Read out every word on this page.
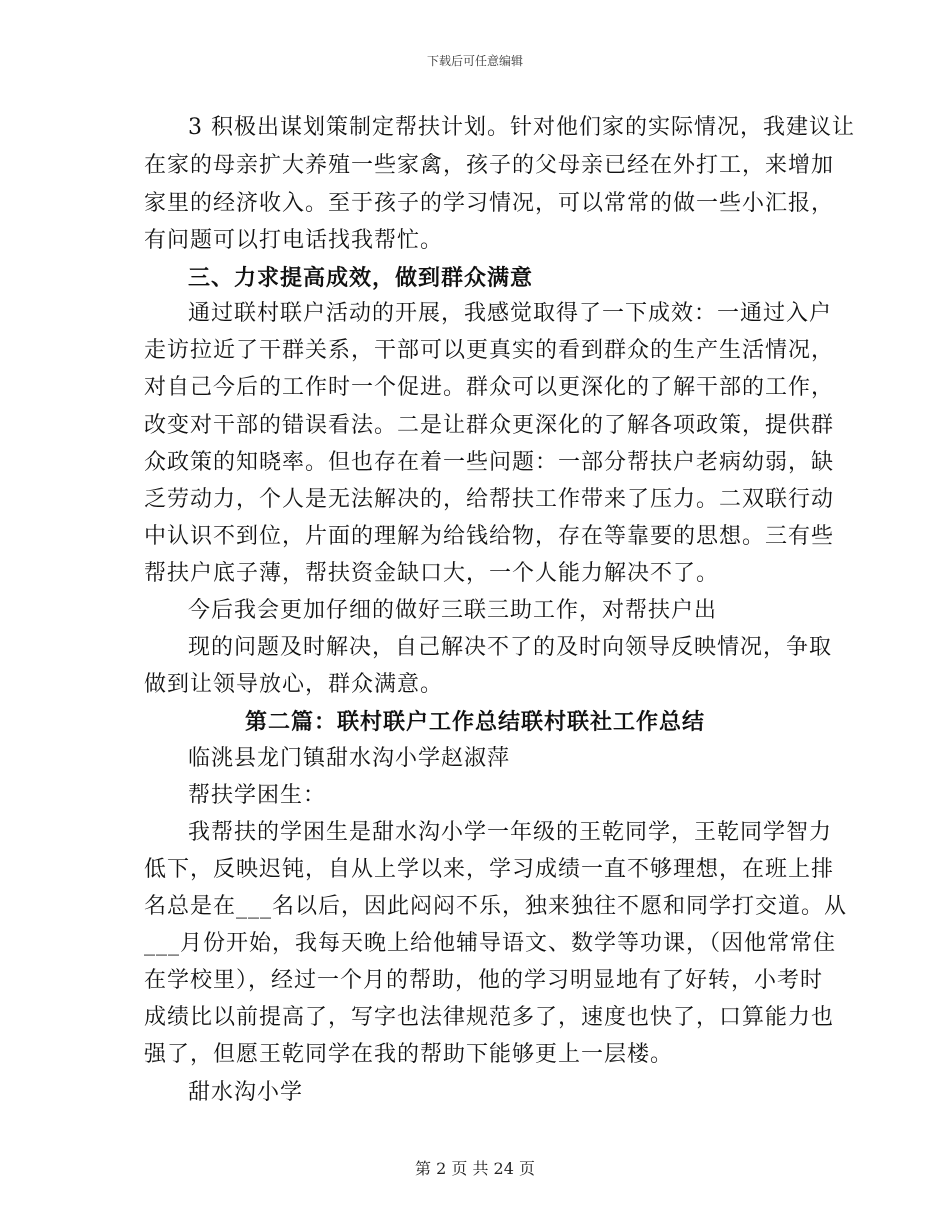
下载后可任意编辑
3 积极出谋划策制定帮扶计划。针对他们家的实际情况，我建议让
在家的母亲扩大养殖一些家禽，孩子的父母亲已经在外打工，来增加
家里的经济收入。至于孩子的学习情况，可以常常的做一些小汇报，
有问题可以打电话找我帮忙。
三、力求提高成效，做到群众满意
通过联村联户活动的开展，我感觉取得了一下成效：一通过入户
走访拉近了干群关系，干部可以更真实的看到群众的生产生活情况，
对自己今后的工作时一个促进。群众可以更深化的了解干部的工作，
改变对干部的错误看法。二是让群众更深化的了解各项政策，提供群
众政策的知晓率。但也存在着一些问题：一部分帮扶户老病幼弱，缺
乏劳动力，个人是无法解决的，给帮扶工作带来了压力。二双联行动
中认识不到位，片面的理解为给钱给物，存在等靠要的思想。三有些
帮扶户底子薄，帮扶资金缺口大，一个人能力解决不了。
今后我会更加仔细的做好三联三助工作，对帮扶户出
现的问题及时解决，自己解决不了的及时向领导反映情况，争取
做到让领导放心，群众满意。
第二篇：联村联户工作总结联村联社工作总结
临洮县龙门镇甜水沟小学赵淑萍
帮扶学困生：
我帮扶的学困生是甜水沟小学一年级的王乾同学，王乾同学智力
低下，反映迟钝，自从上学以来，学习成绩一直不够理想，在班上排
名总是在___名以后，因此闷闷不乐，独来独往不愿和同学打交道。从
___月份开始，我每天晚上给他辅导语文、数学等功课，（因他常常住
在学校里），经过一个月的帮助，他的学习明显地有了好转，小考时
成绩比以前提高了，写字也法律规范多了，速度也快了，口算能力也
强了，但愿王乾同学在我的帮助下能够更上一层楼。
甜水沟小学
第 2 页 共 24 页
